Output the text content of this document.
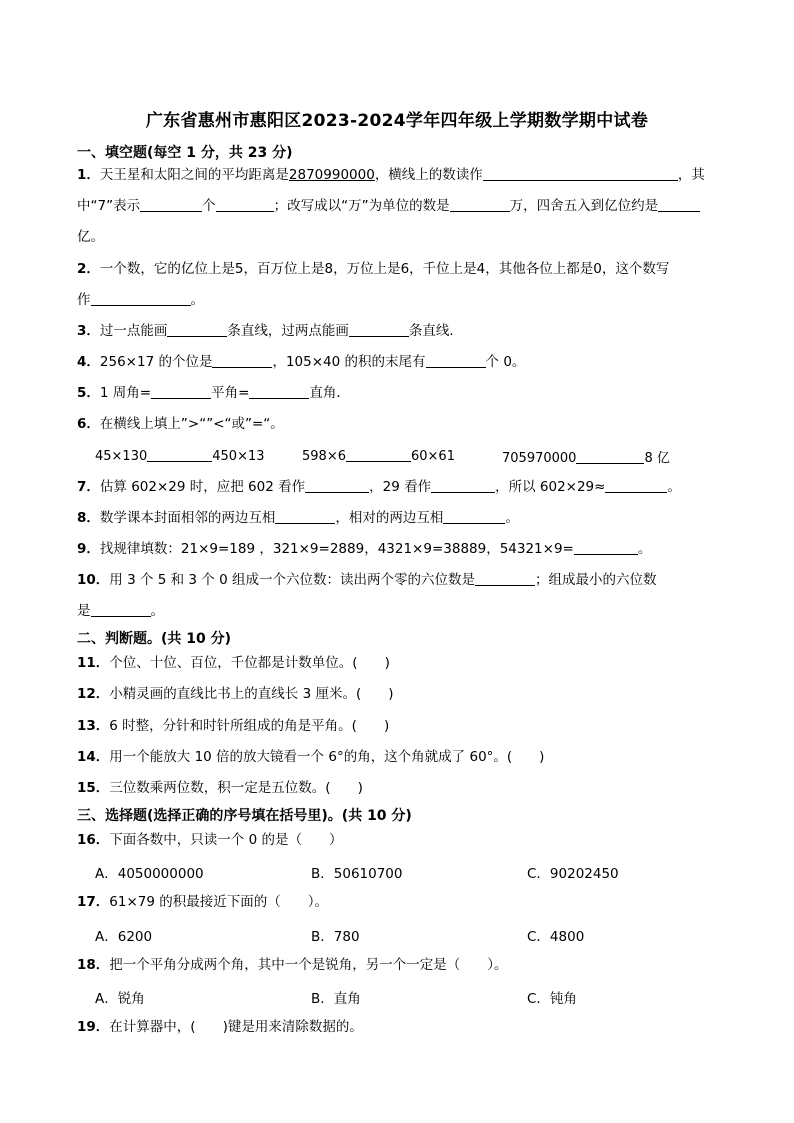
广东省惠州市惠阳区2023-2024学年四年级上学期数学期中试卷
一、填空题(每空 1 分，共 23 分)
1．天王星和太阳之间的平均距离是2870990000，横线上的数读作	，其
中“7”表示	个	；改写成以“万”为单位的数是	万，四舍五入到亿位约是
亿。
2．一个数，它的亿位上是5，百万位上是8，万位上是6，千位上是4，其他各位上都是0，这个数写
作	。
3．过一点能画	条直线，过两点能画	条直线．
4．256×17 的个位是	，105×40 的积的末尾有	个 0。
5．1 周角=	平角=	直角．
6．在横线上填上”>“”<“或”=“。
45×130	450×13	598×6	60×61	705970000	8 亿
7．估算 602×29 时，应把 602 看作	，29 看作	，所以 602×29≈	。
8．数学课本封面相邻的两边互相	，相对的两边互相	。
9．找规律填数：21×9=189 ，321×9=2889，4321×9=38889，54321×9=	。
10．用 3 个 5 和 3 个 0 组成一个六位数：读出两个零的六位数是	；组成最小的六位数
是	。
二、判断题。(共 10 分)
11．个位、十位、百位，千位都是计数单位。(　　)
12．小精灵画的直线比书上的直线长 3 厘米。(　　)
13．6 时整，分针和时针所组成的角是平角。(　　)
14．用一个能放大 10 倍的放大镜看一个 6°的角，这个角就成了 60°。(　　)
15．三位数乘两位数，积一定是五位数。(　　)
三、选择题(选择正确的序号填在括号里)。(共 10 分)
16．下面各数中，只读一个 0 的是（　　）
A．4050000000	B．50610700	C．90202450
17．61×79 的积最接近下面的（　　）。
A．6200	B．780	C．4800
18．把一个平角分成两个角，其中一个是锐角，另一个一定是（　　）。
A．锐角	B．直角	C．钝角
19．在计算器中，(　　)键是用来清除数据的。
